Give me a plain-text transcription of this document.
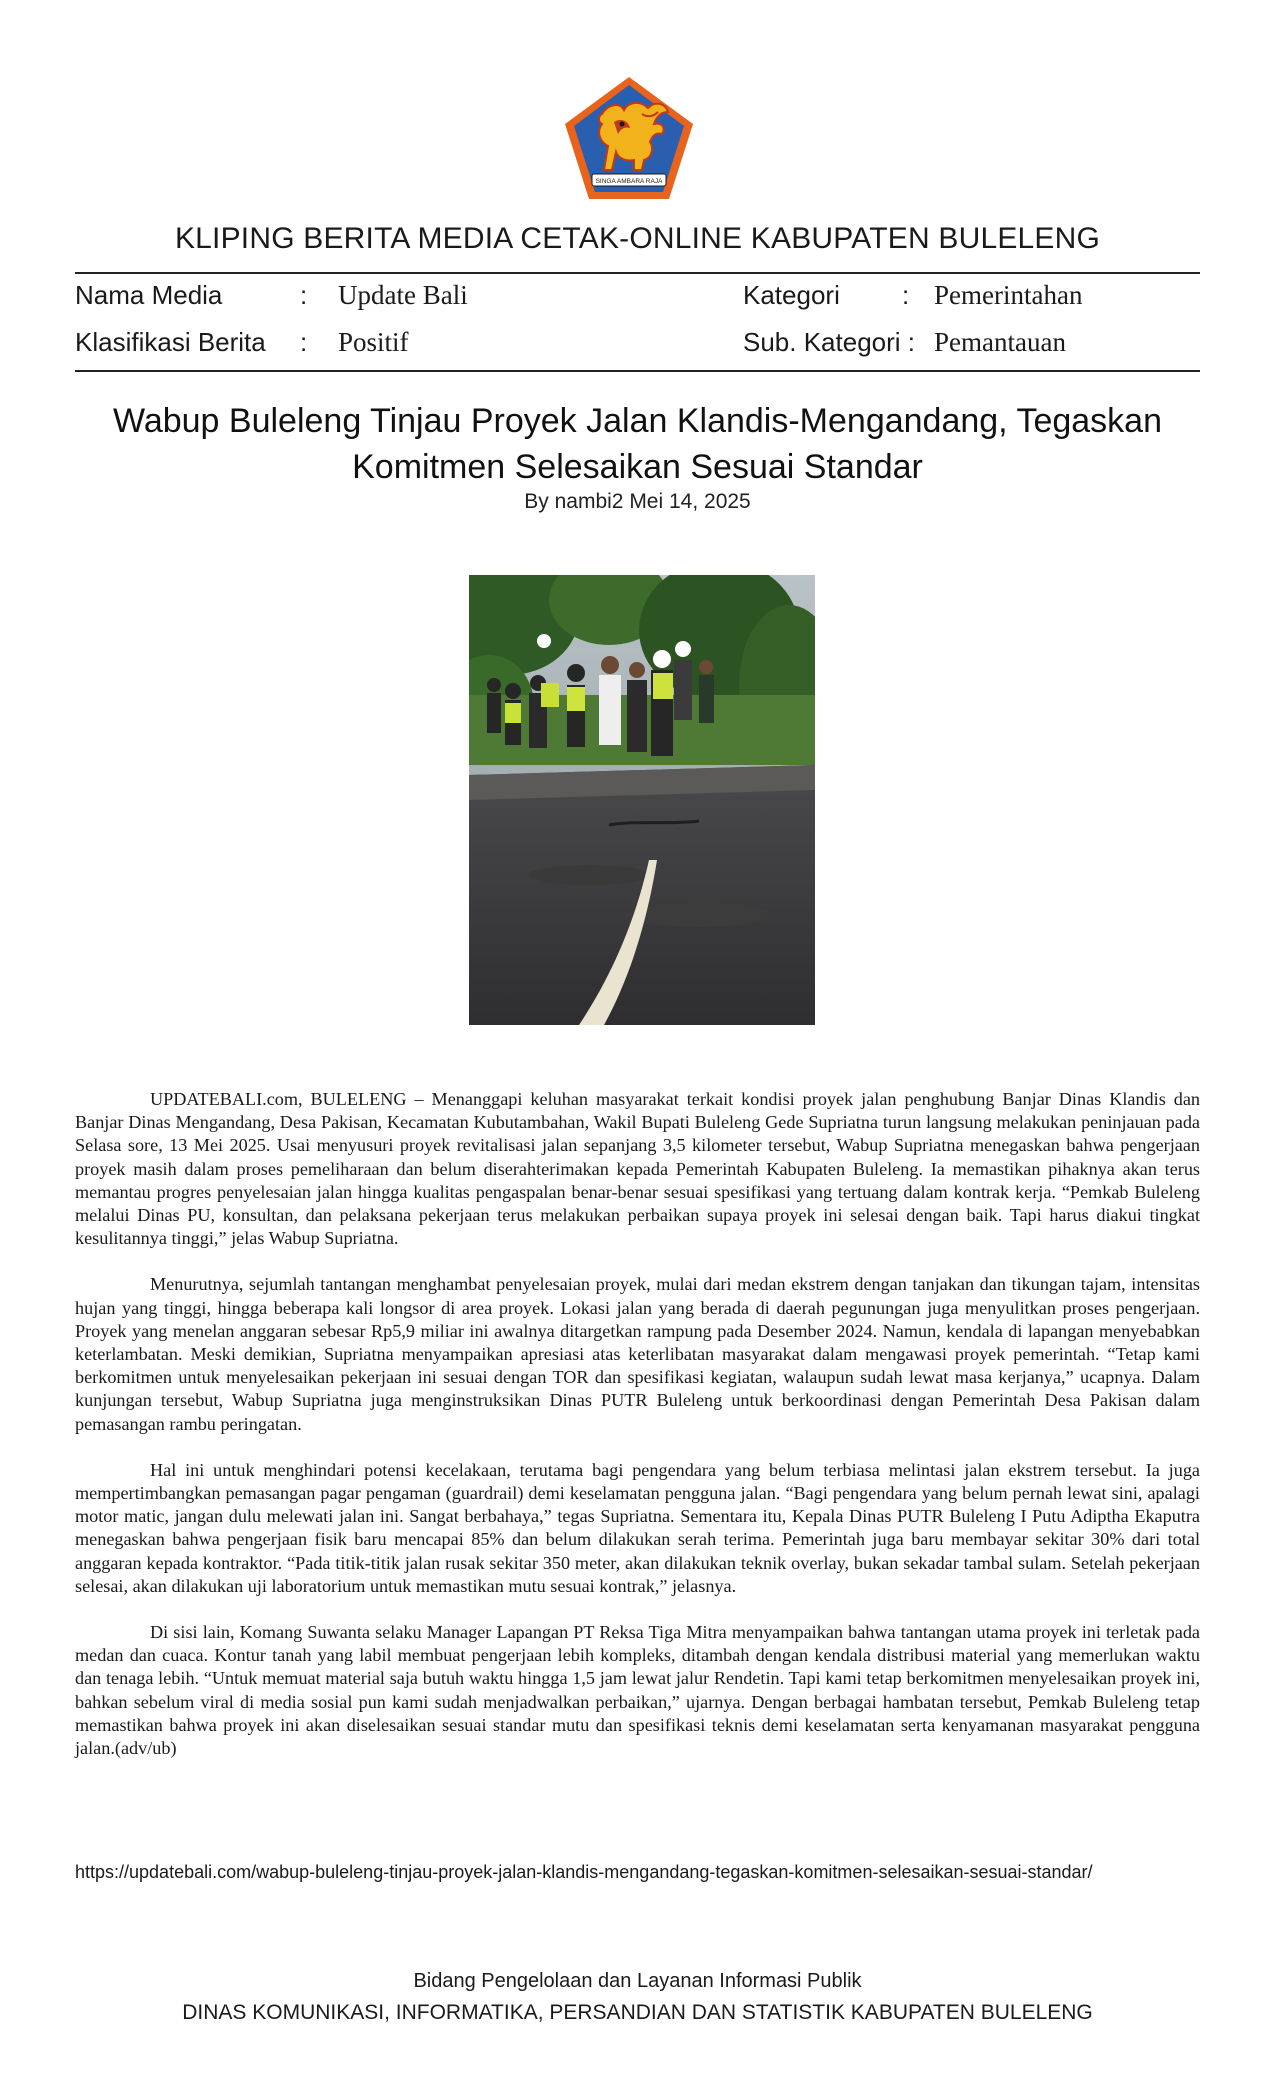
SINGA AMBARA RAJA
KLIPING BERITA MEDIA CETAK-ONLINE KABUPATEN BULELENG
Nama Media	: Update Bali	Kategori : Pemerintahan
Klasifikasi Berita : Positif	Sub. Kategori : Pemantauan
Wabup Buleleng Tinjau Proyek Jalan Klandis-Mengandang, Tegaskan Komitmen Selesaikan Sesuai Standar
By nambi2 Mei 14, 2025

UPDATEBALI.com, BULELENG – Menanggapi keluhan masyarakat terkait kondisi proyek jalan penghubung Banjar Dinas Klandis dan Banjar Dinas Mengandang, Desa Pakisan, Kecamatan Kubutambahan, Wakil Bupati Buleleng Gede Supriatna turun langsung melakukan peninjauan pada Selasa sore, 13 Mei 2025. Usai menyusuri proyek revitalisasi jalan sepanjang 3,5 kilometer tersebut, Wabup Supriatna menegaskan bahwa pengerjaan proyek masih dalam proses pemeliharaan dan belum diserahterimakan kepada Pemerintah Kabupaten Buleleng. Ia memastikan pihaknya akan terus memantau progres penyelesaian jalan hingga kualitas pengaspalan benar-benar sesuai spesifikasi yang tertuang dalam kontrak kerja. “Pemkab Buleleng melalui Dinas PU, konsultan, dan pelaksana pekerjaan terus melakukan perbaikan supaya proyek ini selesai dengan baik. Tapi harus diakui tingkat kesulitannya tinggi,” jelas Wabup Supriatna.

Menurutnya, sejumlah tantangan menghambat penyelesaian proyek, mulai dari medan ekstrem dengan tanjakan dan tikungan tajam, intensitas hujan yang tinggi, hingga beberapa kali longsor di area proyek. Lokasi jalan yang berada di daerah pegunungan juga menyulitkan proses pengerjaan. Proyek yang menelan anggaran sebesar Rp5,9 miliar ini awalnya ditargetkan rampung pada Desember 2024. Namun, kendala di lapangan menyebabkan keterlambatan. Meski demikian, Supriatna menyampaikan apresiasi atas keterlibatan masyarakat dalam mengawasi proyek pemerintah. “Tetap kami berkomitmen untuk menyelesaikan pekerjaan ini sesuai dengan TOR dan spesifikasi kegiatan, walaupun sudah lewat masa kerjanya,” ucapnya. Dalam kunjungan tersebut, Wabup Supriatna juga menginstruksikan Dinas PUTR Buleleng untuk berkoordinasi dengan Pemerintah Desa Pakisan dalam pemasangan rambu peringatan.

Hal ini untuk menghindari potensi kecelakaan, terutama bagi pengendara yang belum terbiasa melintasi jalan ekstrem tersebut. Ia juga mempertimbangkan pemasangan pagar pengaman (guardrail) demi keselamatan pengguna jalan. “Bagi pengendara yang belum pernah lewat sini, apalagi motor matic, jangan dulu melewati jalan ini. Sangat berbahaya,” tegas Supriatna. Sementara itu, Kepala Dinas PUTR Buleleng I Putu Adiptha Ekaputra menegaskan bahwa pengerjaan fisik baru mencapai 85% dan belum dilakukan serah terima. Pemerintah juga baru membayar sekitar 30% dari total anggaran kepada kontraktor. “Pada titik-titik jalan rusak sekitar 350 meter, akan dilakukan teknik overlay, bukan sekadar tambal sulam. Setelah pekerjaan selesai, akan dilakukan uji laboratorium untuk memastikan mutu sesuai kontrak,” jelasnya.

Di sisi lain, Komang Suwanta selaku Manager Lapangan PT Reksa Tiga Mitra menyampaikan bahwa tantangan utama proyek ini terletak pada medan dan cuaca. Kontur tanah yang labil membuat pengerjaan lebih kompleks, ditambah dengan kendala distribusi material yang memerlukan waktu dan tenaga lebih. “Untuk memuat material saja butuh waktu hingga 1,5 jam lewat jalur Rendetin. Tapi kami tetap berkomitmen menyelesaikan proyek ini, bahkan sebelum viral di media sosial pun kami sudah menjadwalkan perbaikan,” ujarnya. Dengan berbagai hambatan tersebut, Pemkab Buleleng tetap memastikan bahwa proyek ini akan diselesaikan sesuai standar mutu dan spesifikasi teknis demi keselamatan serta kenyamanan masyarakat pengguna jalan.(adv/ub)

https://updatebali.com/wabup-buleleng-tinjau-proyek-jalan-klandis-mengandang-tegaskan-komitmen-selesaikan-sesuai-standar/
Bidang Pengelolaan dan Layanan Informasi Publik
DINAS KOMUNIKASI, INFORMATIKA, PERSANDIAN DAN STATISTIK KABUPATEN BULELENG
